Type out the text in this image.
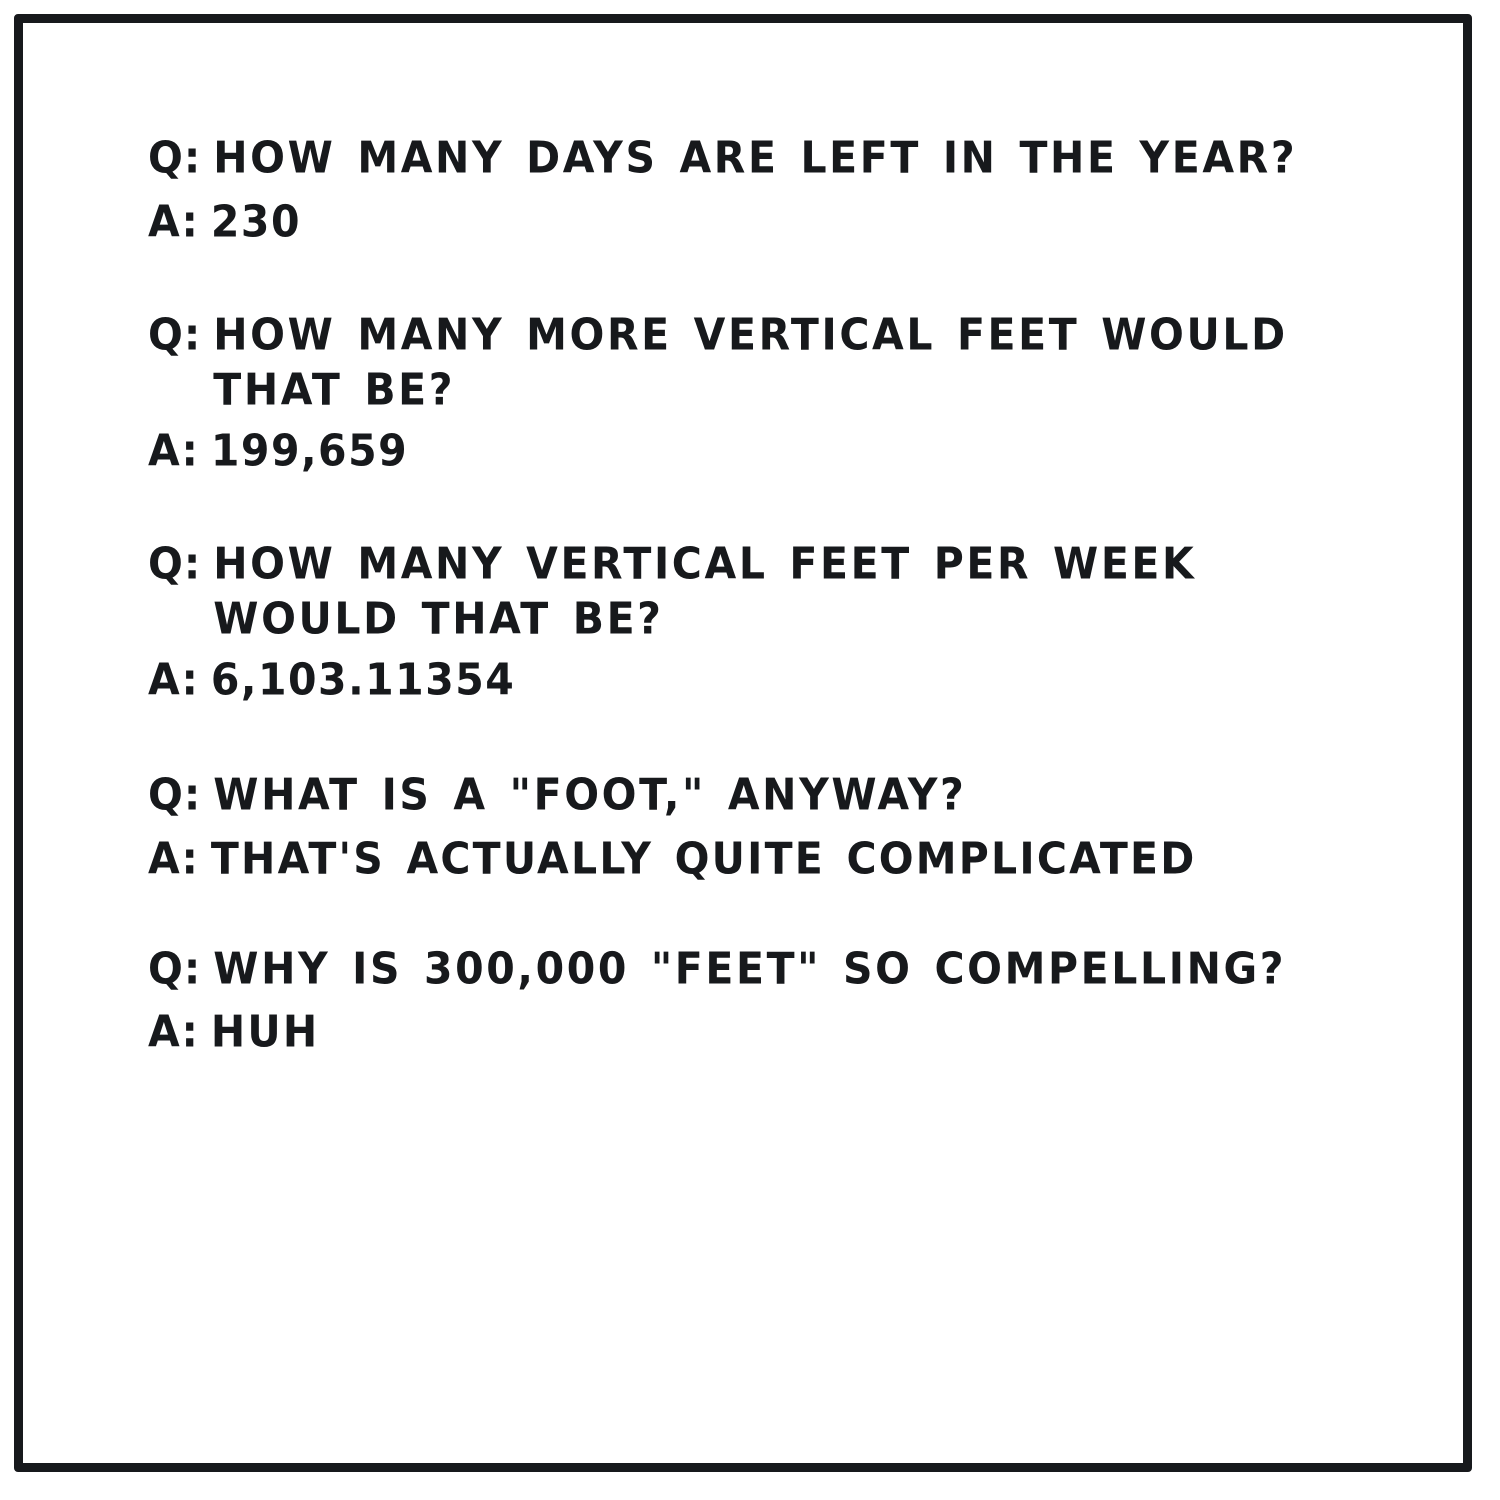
Q: HOW MANY DAYS ARE LEFT IN THE YEAR?
A: 230
Q: HOW MANY MORE VERTICAL FEET WOULD THAT BE?
A: 199,659
Q: HOW MANY VERTICAL FEET PER WEEK WOULD THAT BE?
A: 6,103.11354
Q: WHAT IS A "FOOT," ANYWAY?
A: THAT'S ACTUALLY QUITE COMPLICATED
Q: WHY IS 300,000 "FEET" SO COMPELLING?
A: HUH
